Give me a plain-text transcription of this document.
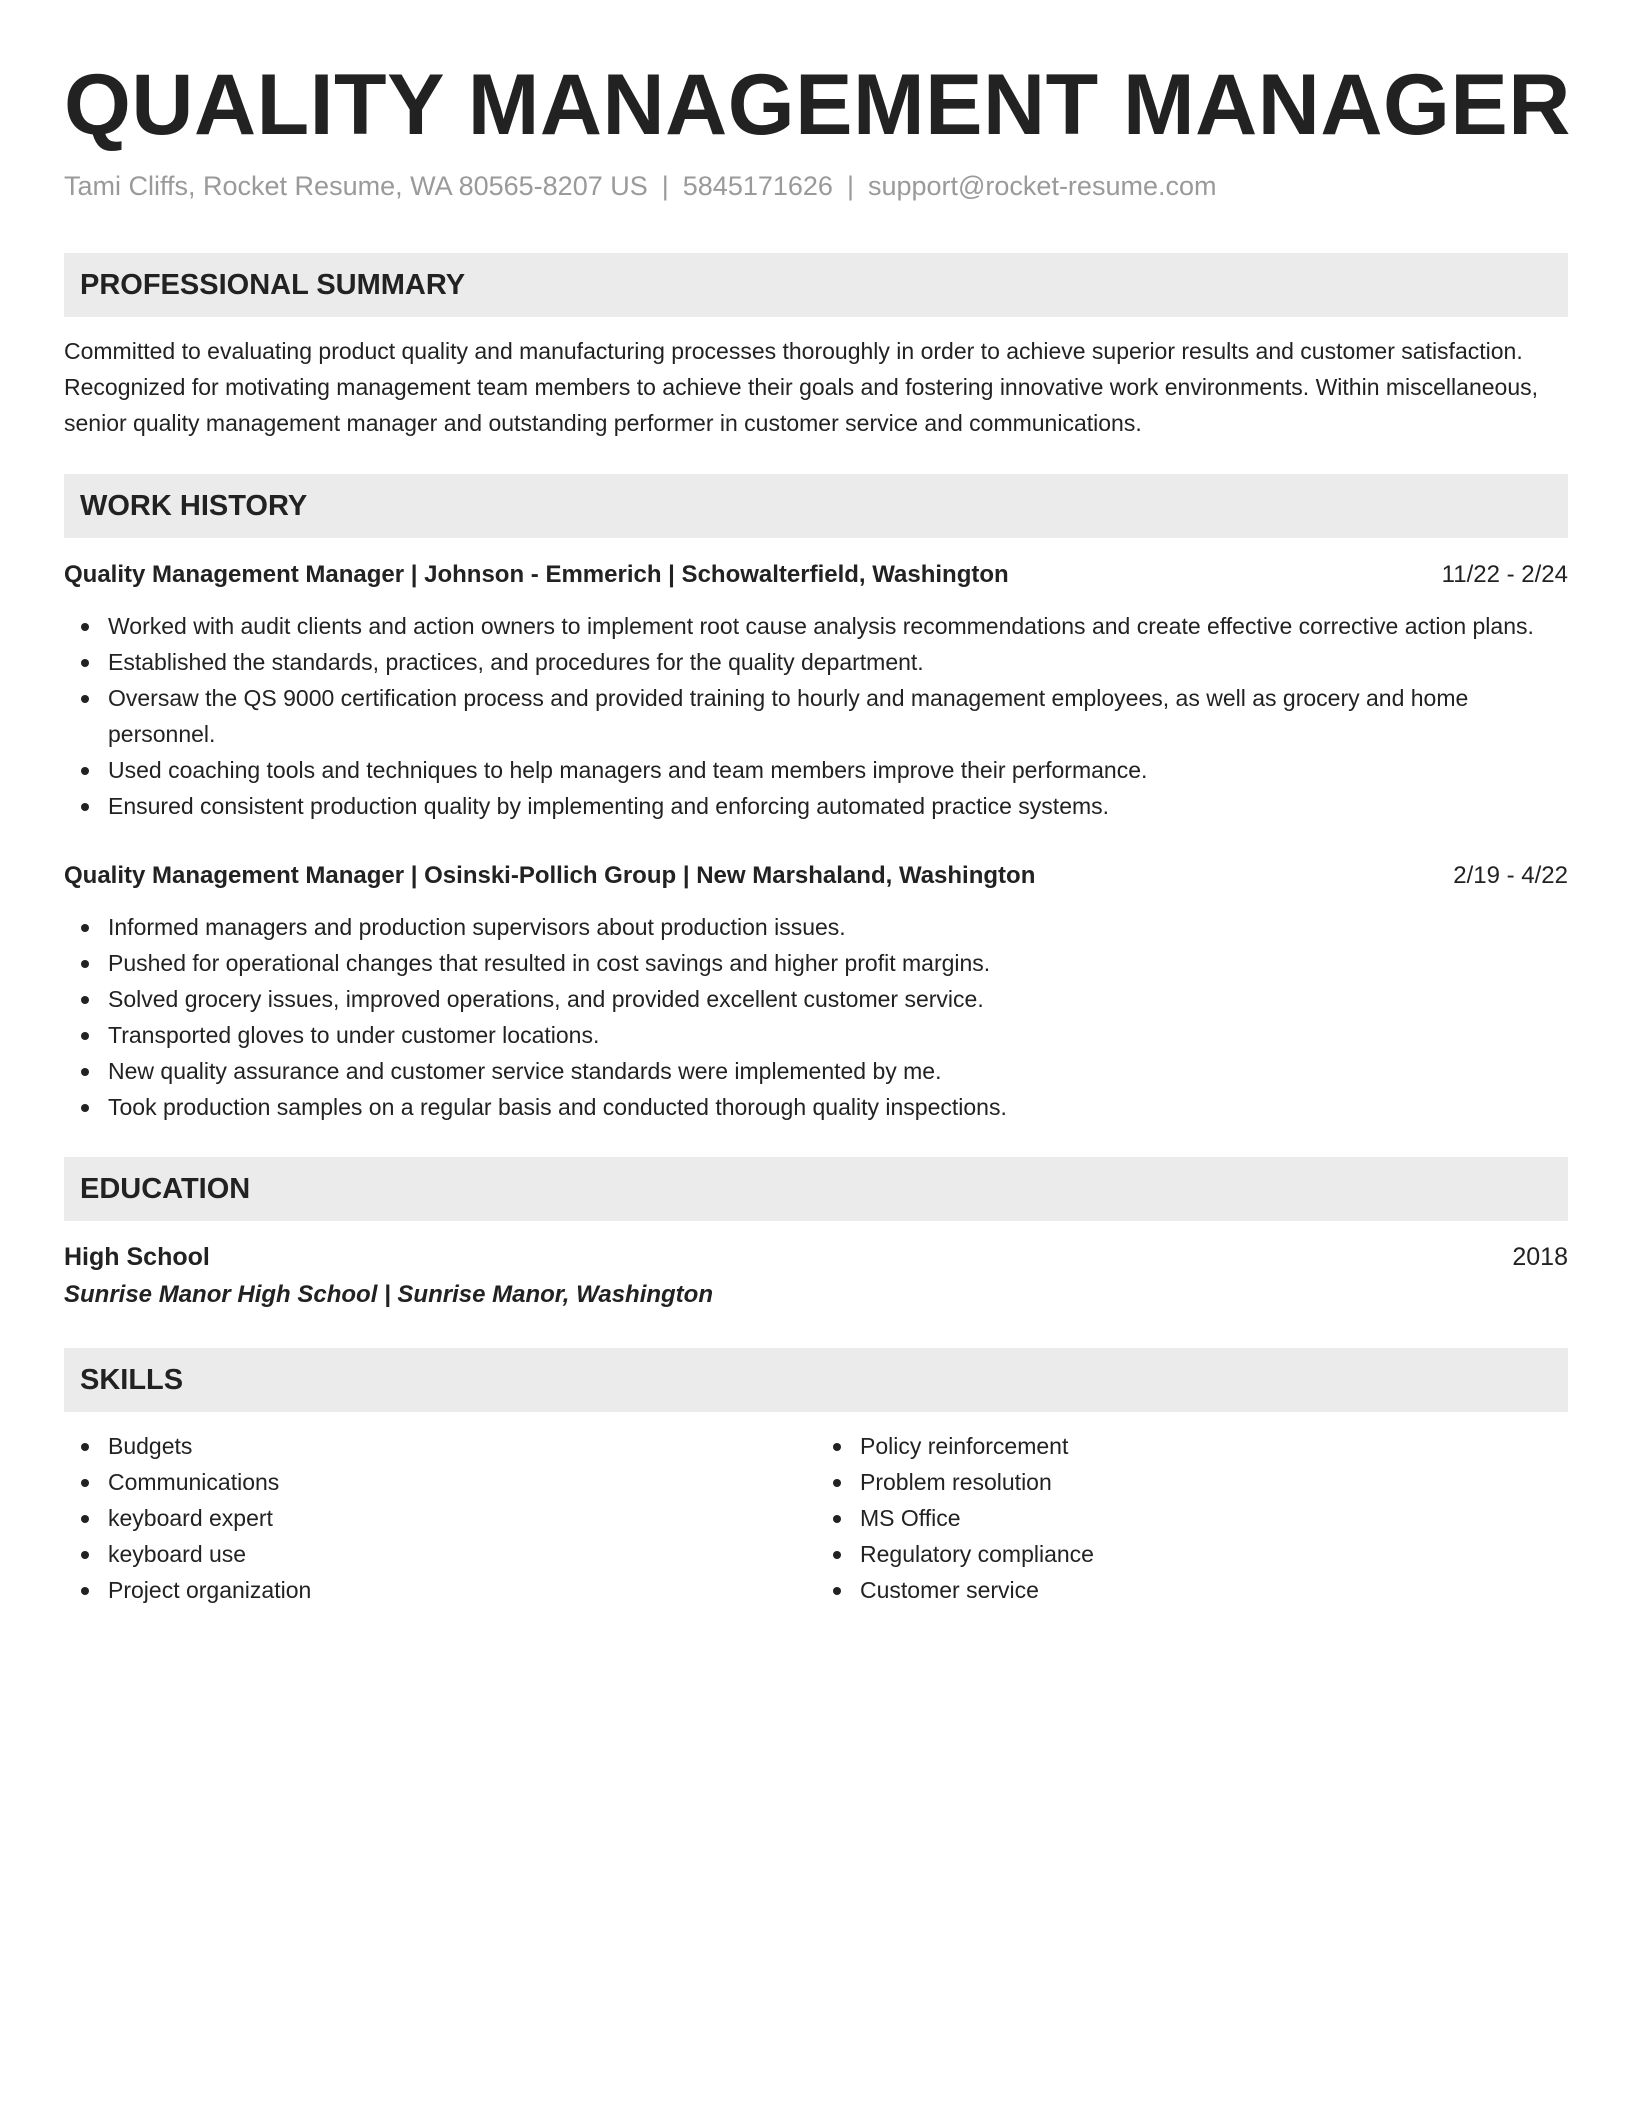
QUALITY MANAGEMENT MANAGER
Tami Cliffs, Rocket Resume, WA 80565-8207 US | 5845171626 | support@rocket-resume.com
PROFESSIONAL SUMMARY
Committed to evaluating product quality and manufacturing processes thoroughly in order to achieve superior results and customer satisfaction. Recognized for motivating management team members to achieve their goals and fostering innovative work environments. Within miscellaneous, senior quality management manager and outstanding performer in customer service and communications.
WORK HISTORY
Quality Management Manager | Johnson - Emmerich | Schowalterfield, Washington	11/22 - 2/24
Worked with audit clients and action owners to implement root cause analysis recommendations and create effective corrective action plans.
Established the standards, practices, and procedures for the quality department.
Oversaw the QS 9000 certification process and provided training to hourly and management employees, as well as grocery and home personnel.
Used coaching tools and techniques to help managers and team members improve their performance.
Ensured consistent production quality by implementing and enforcing automated practice systems.
Quality Management Manager | Osinski-Pollich Group | New Marshaland, Washington	2/19 - 4/22
Informed managers and production supervisors about production issues.
Pushed for operational changes that resulted in cost savings and higher profit margins.
Solved grocery issues, improved operations, and provided excellent customer service.
Transported gloves to under customer locations.
New quality assurance and customer service standards were implemented by me.
Took production samples on a regular basis and conducted thorough quality inspections.
EDUCATION
High School	2018
Sunrise Manor High School | Sunrise Manor, Washington
SKILLS
Budgets
Communications
keyboard expert
keyboard use
Project organization
Policy reinforcement
Problem resolution
MS Office
Regulatory compliance
Customer service
